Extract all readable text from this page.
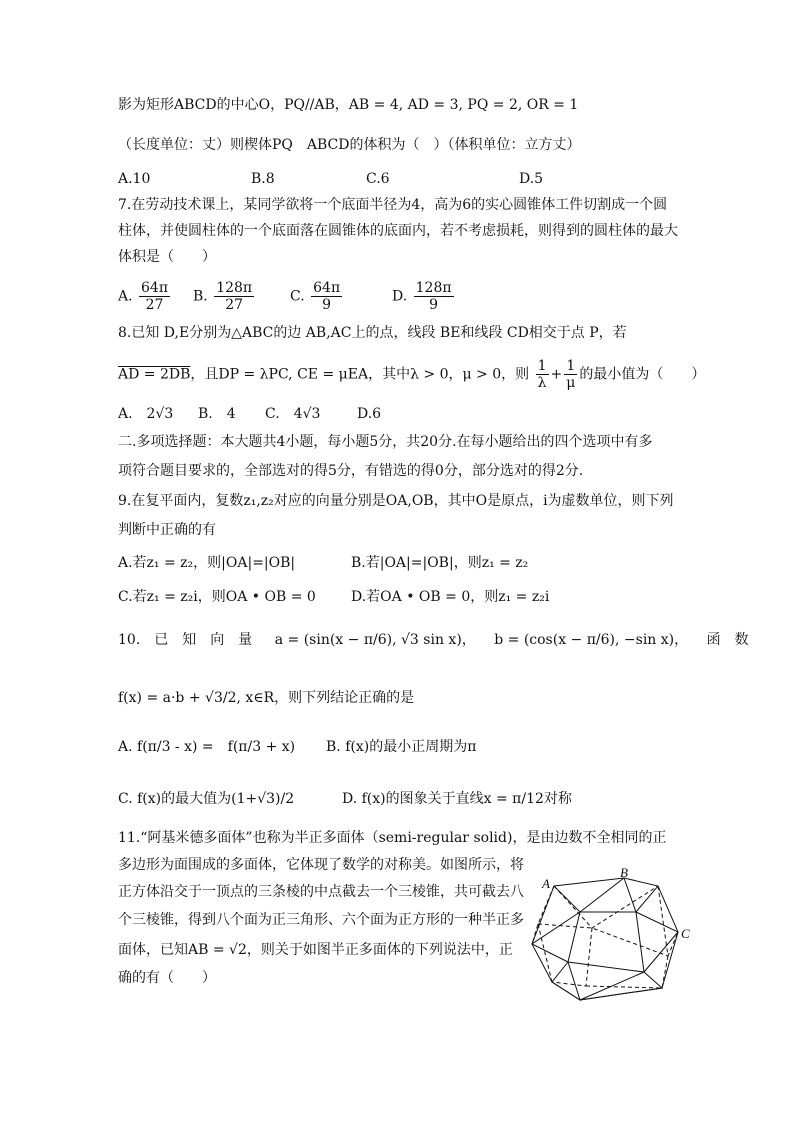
影为矩形ABCD的中心O，PQ//AB，AB = 4, AD = 3, PQ = 2, OR = 1
（长度单位：丈）则楔体PQ　ABCD的体积为（　）（体积单位：立方丈）
A.10	B.8	C.6	D.5
7.在劳动技术课上，某同学欲将一个底面半径为4，高为6的实心圆锥体工件切割成一个圆
柱体，并使圆柱体的一个底面落在圆锥体的底面内，若不考虑损耗，则得到的圆柱体的最大
体积是（　　）
A. $\frac{64\pi}{27} B$. $\frac{128\pi}{27}$	C. $\frac{64\pi}{9}$	D. $\frac{128\pi}{9}$
8.已知 D,E分别为△ABC的边 AB,AC上的点，线段 BE和线段 CD相交于点 P，若
AD = 2DB，且DP = λPC, CE = μEA，其中λ > 0，μ > 0，则 $\frac{1}{\lambda} + \frac{1}{\mu}$ 的最小值为（　　）
A.　2√3 B.　4 C.　4√3	D.6
二.多项选择题：本大题共4小题，每小题5分，共20分.在每小题给出的四个选项中有多
项符合题目要求的，全部选对的得5分，有错选的得0分，部分选对的得2分.
9.在复平面内，复数z₁,z₂对应的向量分别是OA,OB，其中O是原点，i为虚数单位，则下列
判断中正确的有
A.若z₁ = z₂，则|OA|=|OB|	B.若|OA|=|OB|，则z₁ = z₂
C.若z₁ = z₂i，则OA • OB = 0	D.若OA • OB = 0，则z₁ = z₂i
10.　已　知　向　量 a = (sin(x − π/6), √3 sin x)， b = (cos(x − π/6), −sin x)， 函　数
f(x) = a·b + √3/2, x∈R，则下列结论正确的是
A. f(π/3 - x) =　f(π/3 + x) B. f(x)的最小正周期为π
C. f(x)的最大值为(1+√3)/2	D. f(x)的图象关于直线x = π/12对称
11.“阿基米德多面体”也称为半正多面体（semi-regular solid)，是由边数不全相同的正
多边形为面围成的多面体，它体现了数学的对称美。如图所示，将
正方体沿交于一顶点的三条棱的中点截去一个三棱锥，共可截去八
个三棱锥，得到八个面为正三角形、六个面为正方形的一种半正多
面体，已知AB = √2，则关于如图半正多面体的下列说法中，正
确的有（　　）
A
B
C
